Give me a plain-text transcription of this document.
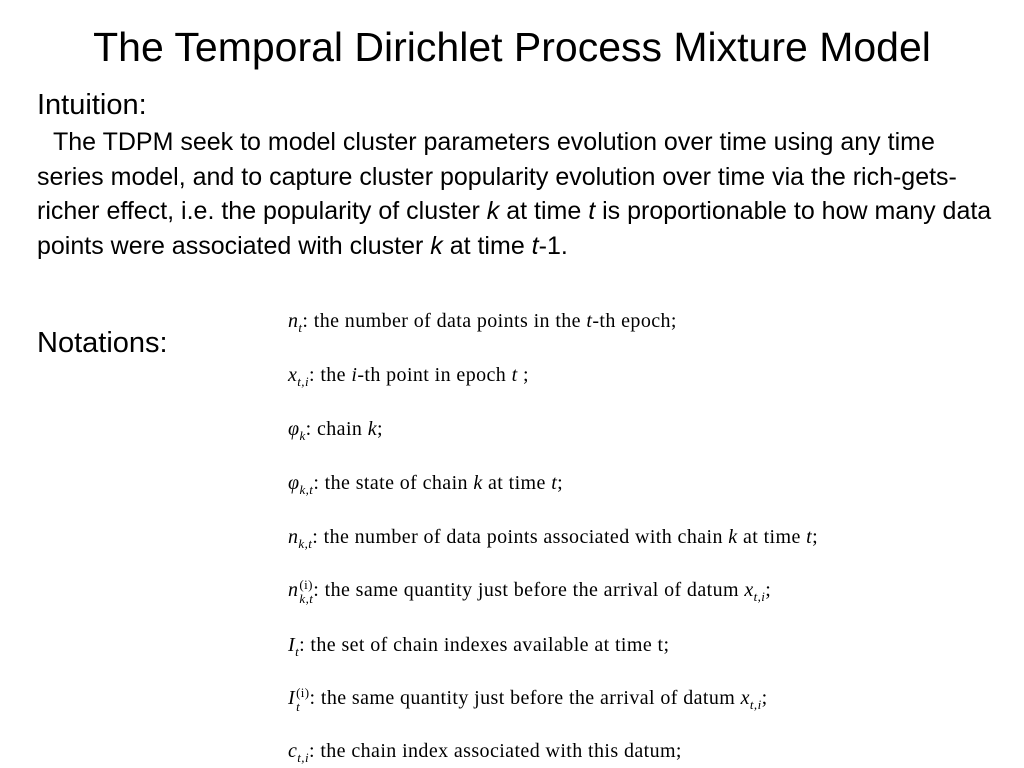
The Temporal Dirichlet Process Mixture Model
Intuition:

The TDPM seek to model cluster parameters evolution over time using any time series model, and to capture cluster popularity evolution over time via the rich-gets-richer effect, i.e. the popularity of cluster k at time t is proportionable to how many data points were associated with cluster k at time t-1.

Notations:
$n_t$: the number of data points in the t-th epoch;
$x_{t,i}$: the i-th point in epoch t ;
$\varphi_k$: chain k;
$\varphi_{k,t}$: the state of chain k at time t;
$n_{k,t}$: the number of data points associated with chain k at time t;
n (i)
k,t : the same quantity just before the arrival of datum $x_{t,i}$;
$I_t$: the set of chain indexes available at time t;
I (i)
t : the same quantity just before the arrival of datum $x_{t,i}$;
$c_{t,i}$: the chain index associated with this datum;
